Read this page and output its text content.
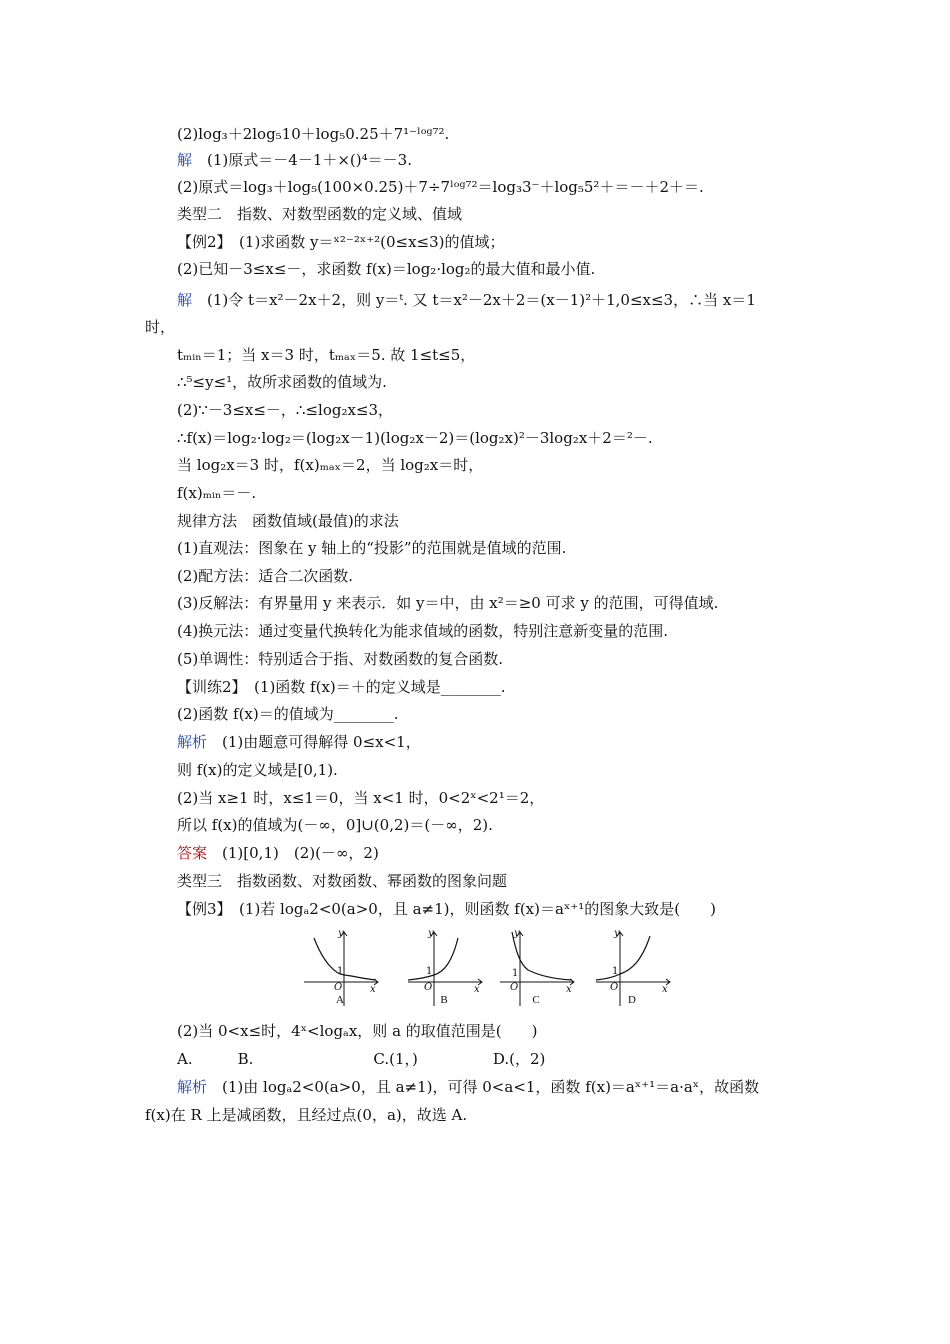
(2)log₃＋2log₅10＋log₅0.25＋7¹⁻ˡᵒᵍ⁷².
解　 (1)原式＝－4－1＋×()⁴＝－3.
(2)原式＝log₃＋log₅(100×0.25)＋7÷7ˡᵒᵍ⁷²＝log₃3⁻＋log₅5²＋＝－＋2＋＝.
类型二　指数、对数型函数的定义域、值域
【例2】　(1)求函数 y＝ˣ²⁻²ˣ⁺²(0≤x≤3)的值域；
(2)已知－3≤x≤－，求函数 f(x)＝log₂·log₂的最大值和最小值.
解　 (1)令 t＝x²－2x＋2，则 y＝ᵗ. 又 t＝x²－2x＋2＝(x－1)²＋1,0≤x≤3，∴当 x＝1
时，
tₘᵢₙ＝1；当 x＝3 时，tₘₐₓ＝5. 故 1≤t≤5，
∴⁵≤y≤¹，故所求函数的值域为.
(2)∵－3≤x≤－，∴≤log₂x≤3，
∴f(x)＝log₂·log₂＝(log₂x－1)(log₂x－2)＝(log₂x)²－3log₂x＋2＝²－.
当 log₂x＝3 时，f(x)ₘₐₓ＝2，当 log₂x＝时，
f(x)ₘᵢₙ＝－.
规律方法　函数值域(最值)的求法
(1)直观法：图象在 y 轴上的“投影”的范围就是值域的范围.
(2)配方法：适合二次函数.
(3)反解法：有界量用 y 来表示．如 y＝中，由 x²＝≥0 可求 y 的范围，可得值域.
(4)换元法：通过变量代换转化为能求值域的函数，特别注意新变量的范围.
(5)单调性：特别适合于指、对数函数的复合函数.
【训练2】　(1)函数 f(x)＝＋的定义域是________.
(2)函数 f(x)＝的值域为________.
解析　 (1)由题意可得解得 0≤x<1，
则 f(x)的定义域是[0,1).
(2)当 x≥1 时，x≤1＝0，当 x<1 时，0<2ˣ<2¹＝2，
所以 f(x)的值域为(－∞，0]∪(0,2)＝(－∞，2).
答案　 (1)[0,1)　(2)(－∞，2)
类型三　指数函数、对数函数、幂函数的图象问题
【例3】　(1)若 logₐ2<0(a>0，且 a≠1)，则函数 f(x)＝aˣ⁺¹的图象大致是(　　)
y
x
O
1
A
y
x
O
1
B
y
x
O
1
C
y
x
O
1
D
(2)当 0<x≤时，4ˣ<logₐx，则 a 的取值范围是(　　)
A.　　　B.　　　　　　　　C.(1，)　　　　　D.(，2)
解析　 (1)由 logₐ2<0(a>0，且 a≠1)，可得 0<a<1，函数 f(x)＝aˣ⁺¹＝a·aˣ，故函数
f(x)在 R 上是减函数，且经过点(0，a)，故选 A.
